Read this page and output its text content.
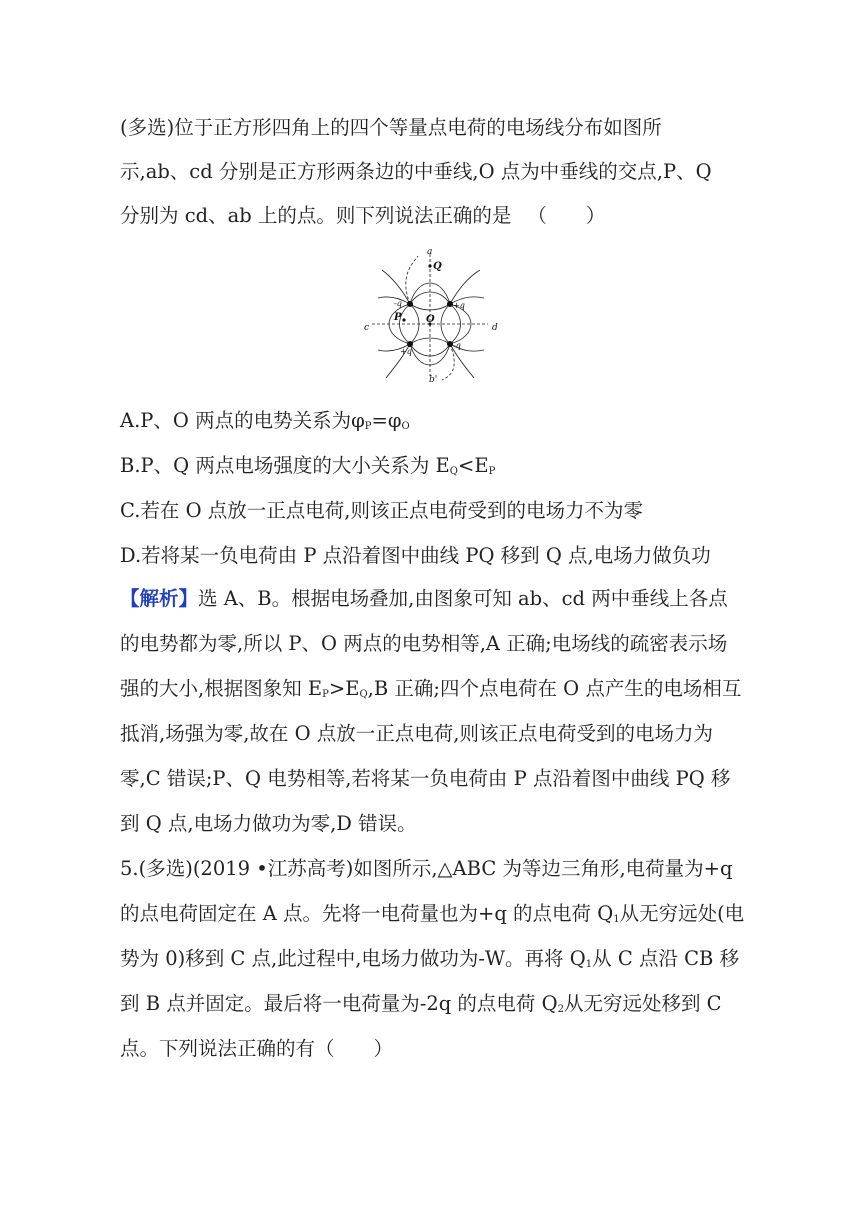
(多选)位于正方形四角上的四个等量点电荷的电场线分布如图所
示,ab、cd 分别是正方形两条边的中垂线,O 点为中垂线的交点,P、Q
分别为 cd、ab 上的点。则下列说法正确的是 　（　　）
a
Q
b'
c	d
O
P
-q	+q
+q
-q
A.P、O 两点的电势关系为$\varphi_P=\varphi_O$
B.P、Q 两点电场强度的大小关系为 $E_Q<E_P$
C.若在 O 点放一正点电荷,则该正点电荷受到的电场力不为零
D.若将某一负电荷由 P 点沿着图中曲线 PQ 移到 Q 点,电场力做负功
【解析】选 A、B。根据电场叠加,由图象可知 ab、cd 两中垂线上各点
的电势都为零,所以 P、O 两点的电势相等,A 正确;电场线的疏密表示场
强的大小,根据图象知 $E_P>E_Q,B$ 正确;四个点电荷在 O 点产生的电场相互
抵消,场强为零,故在 O 点放一正点电荷,则该正点电荷受到的电场力为
零,C 错误;P、Q 电势相等,若将某一负电荷由 P 点沿着图中曲线 PQ 移
到 Q 点,电场力做功为零,D 错误。
5.(多选)(2019 •江苏高考)如图所示,△ABC 为等边三角形,电荷量为+q
的点电荷固定在 A 点。先将一电荷量也为+q 的点电荷 $Q_1$从无穷远处(电
势为 0)移到 C 点,此过程中,电场力做功为-W。再将 $Q_1$从 C 点沿 CB 移
到 B 点并固定。最后将一电荷量为-2q 的点电荷 $Q_2$从无穷远处移到 C
点。下列说法正确的有（　　）
